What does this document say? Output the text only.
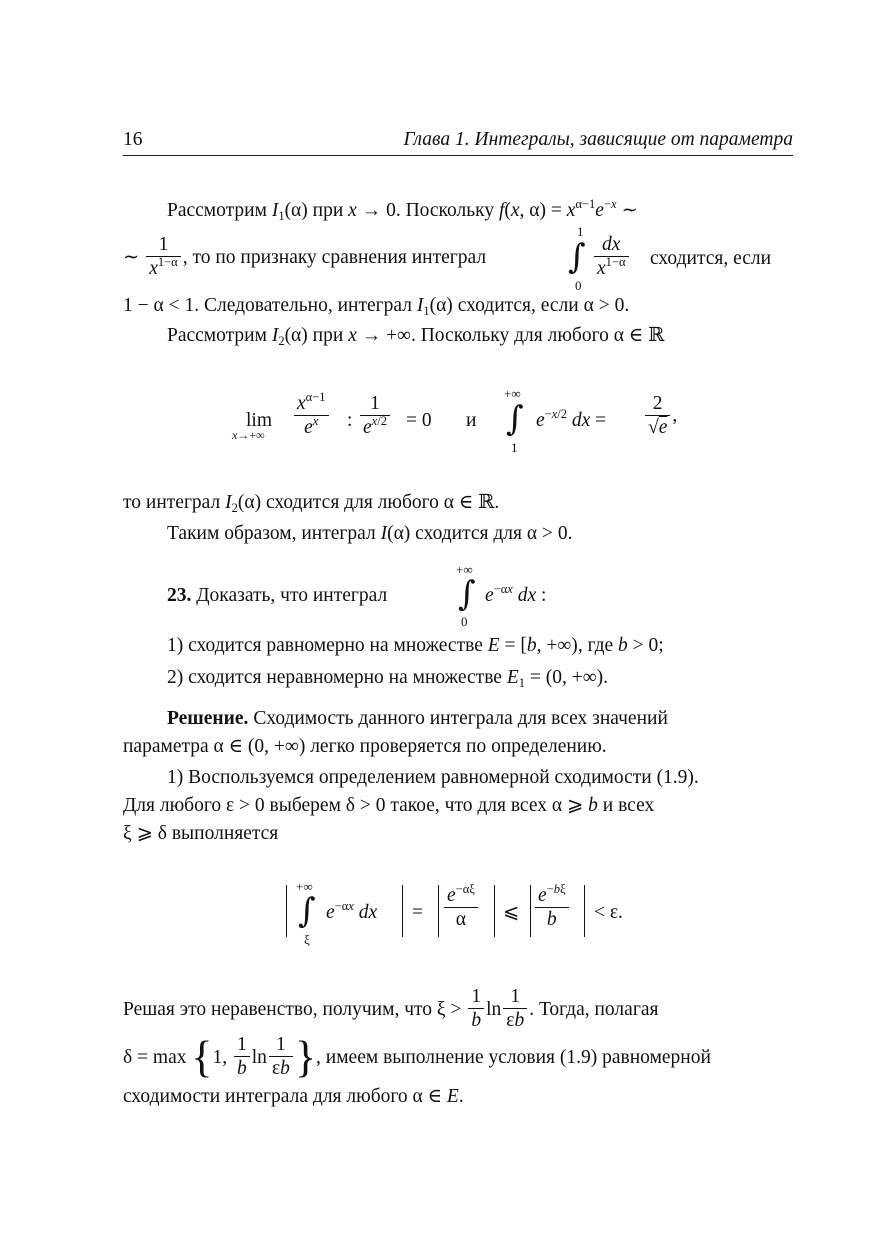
16	Глава 1. Интегралы, зависящие от параметра
Рассмотрим $I_1(\alpha)$ при x → 0. Поскольку f(x, $\alpha) = x^{\alpha-1}e^{-x}$ ∼
∼ $\frac{1}{x^{1-\alpha}}$ , то по признаку сравнения интеграл
1
∫
0
$\frac{dx}{x^{1-\alpha}}$ сходится, если
1 − α < 1. Следовательно, интеграл $I_1(\alpha)$ сходится, если α > 0.
Рассмотрим $I_2(\alpha)$ при x → +∞. Поскольку для любого α ∈ ℝ
lim
$x\to+\infty \frac{x^{\alpha-1}}{e^x}$ : $\frac{1}{e^{x/2}} = 0$ и
+∞
∫
1
$e^{-x/2}$ dx = $\frac{2}{√e}$ ,
то интеграл $I_2(\alpha)$ сходится для любого α ∈ ℝ.
Таким образом, интеграл I(α) сходится для α > 0.
23. Доказать, что интеграл
+∞
∫
0
$e^{-\alpha x}$ dx :
1) сходится равномерно на множестве E = [b, +∞), где b > 0;
2) сходится неравномерно на множестве $E_1 = (0$, +∞).
Решение. Сходимость данного интеграла для всех значений
параметра α ∈ (0, +∞) легко проверяется по определению.
1) Воспользуемся определением равномерной сходимости (1.9).
Для любого ε > 0 выберем δ > 0 такое, что для всех α ⩾ b и всех
ξ ⩾ δ выполняется
+∞
∫
ξ
$e^{-\alpha x}$ dx = $\frac{e^{-\alpha\xi}}{\alpha}$ ⩽ $\frac{e^{-b\xi}}{b} < \varepsilon$.
Решая это неравенство, получим, что $\xi > \frac{1}{b}$ $\ln \frac{1}{\varepsilon b}$ . Тогда, полагая
δ = max {1, $\frac{1}{b}$ $\ln \frac{1}{\varepsilon b}$ }, имеем выполнение условия (1.9) равномерной
сходимости интеграла для любого α ∈ E.
